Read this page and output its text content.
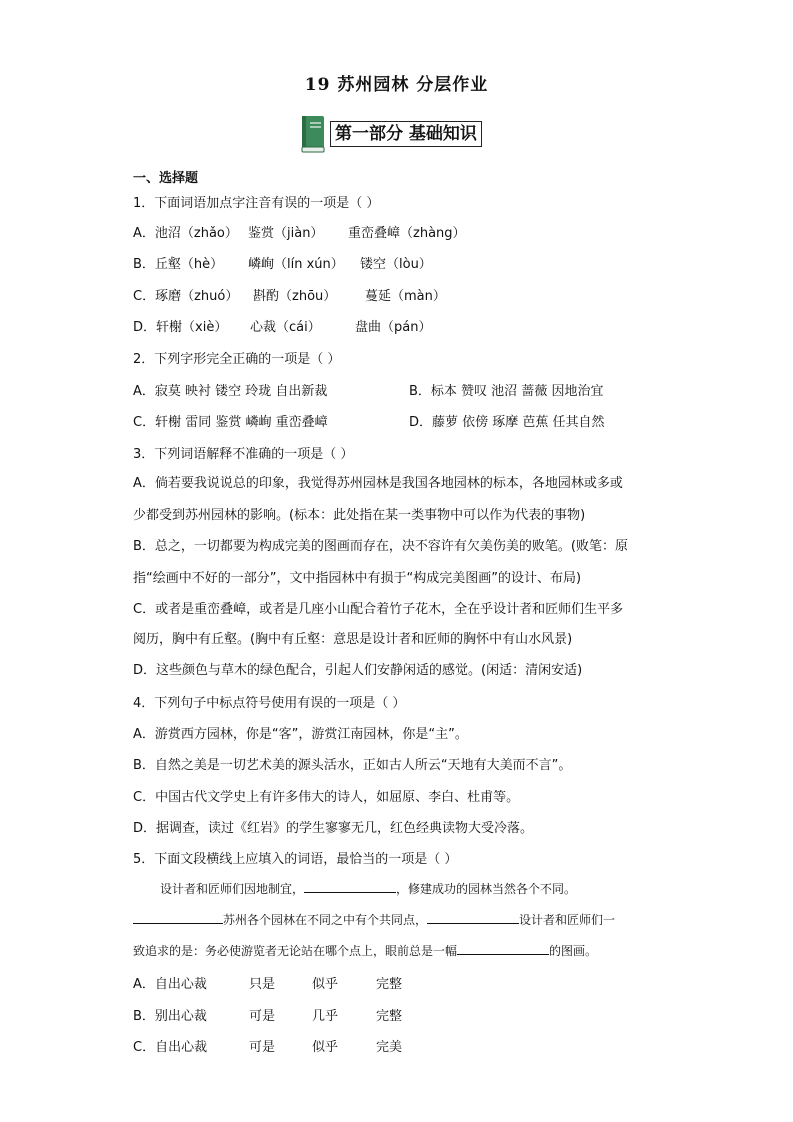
19 苏州园林 分层作业
第一部分 基础知识
一、选择题
1．下面词语加点字注音有误的一项是（ ）
A．池沼（zhǎo） 鉴赏（jiàn） 重峦叠嶂（zhàng）
B．丘壑（hè） 嶙峋（lín xún） 镂空（lòu）
C．琢磨（zhuó） 斟酌（zhōu） 蔓延（màn）
D．轩榭（xiè） 心裁（cái）	盘曲（pán）
2．下列字形完全正确的一项是（ ）
A．寂莫 映衬 镂空 玲珑 自出新裁	B．标本 赞叹 池沼 蔷薇 因地治宜
C．轩榭 雷同 鉴赏 嶙峋 重峦叠嶂	D．藤萝 依傍 琢摩 芭蕉 任其自然
3．下列词语解释不准确的一项是（ ）
A．倘若要我说说总的印象，我觉得苏州园林是我国各地园林的标本，各地园林或多或
少都受到苏州园林的影响。(标本：此处指在某一类事物中可以作为代表的事物)
B．总之，一切都要为构成完美的图画而存在，决不容许有欠美伤美的败笔。(败笔：原
指“绘画中不好的一部分”，文中指园林中有损于“构成完美图画”的设计、布局)
C．或者是重峦叠嶂，或者是几座小山配合着竹子花木，全在乎设计者和匠师们生平多
阅历，胸中有丘壑。(胸中有丘壑：意思是设计者和匠师的胸怀中有山水风景)
D．这些颜色与草木的绿色配合，引起人们安静闲适的感觉。(闲适：清闲安适)
4．下列句子中标点符号使用有误的一项是（ ）
A．游赏西方园林，你是“客”，游赏江南园林，你是“主”。
B．自然之美是一切艺术美的源头活水，正如古人所云“天地有大美而不言”。
C．中国古代文学史上有许多伟大的诗人，如屈原、李白、杜甫等。
D．据调查，读过《红岩》的学生寥寥无几，红色经典读物大受冷落。
5．下面文段横线上应填入的词语，最恰当的一项是（ ）
设计者和匠师们因地制宜，	，修建成功的园林当然各个不同。
苏州各个园林在不同之中有个共同点，	设计者和匠师们一
致追求的是：务必使游览者无论站在哪个点上，眼前总是一幅	的图画。
A．自出心裁	只是	似乎	完整
B．别出心裁	可是	几乎	完整
C．自出心裁	可是	似乎	完美
